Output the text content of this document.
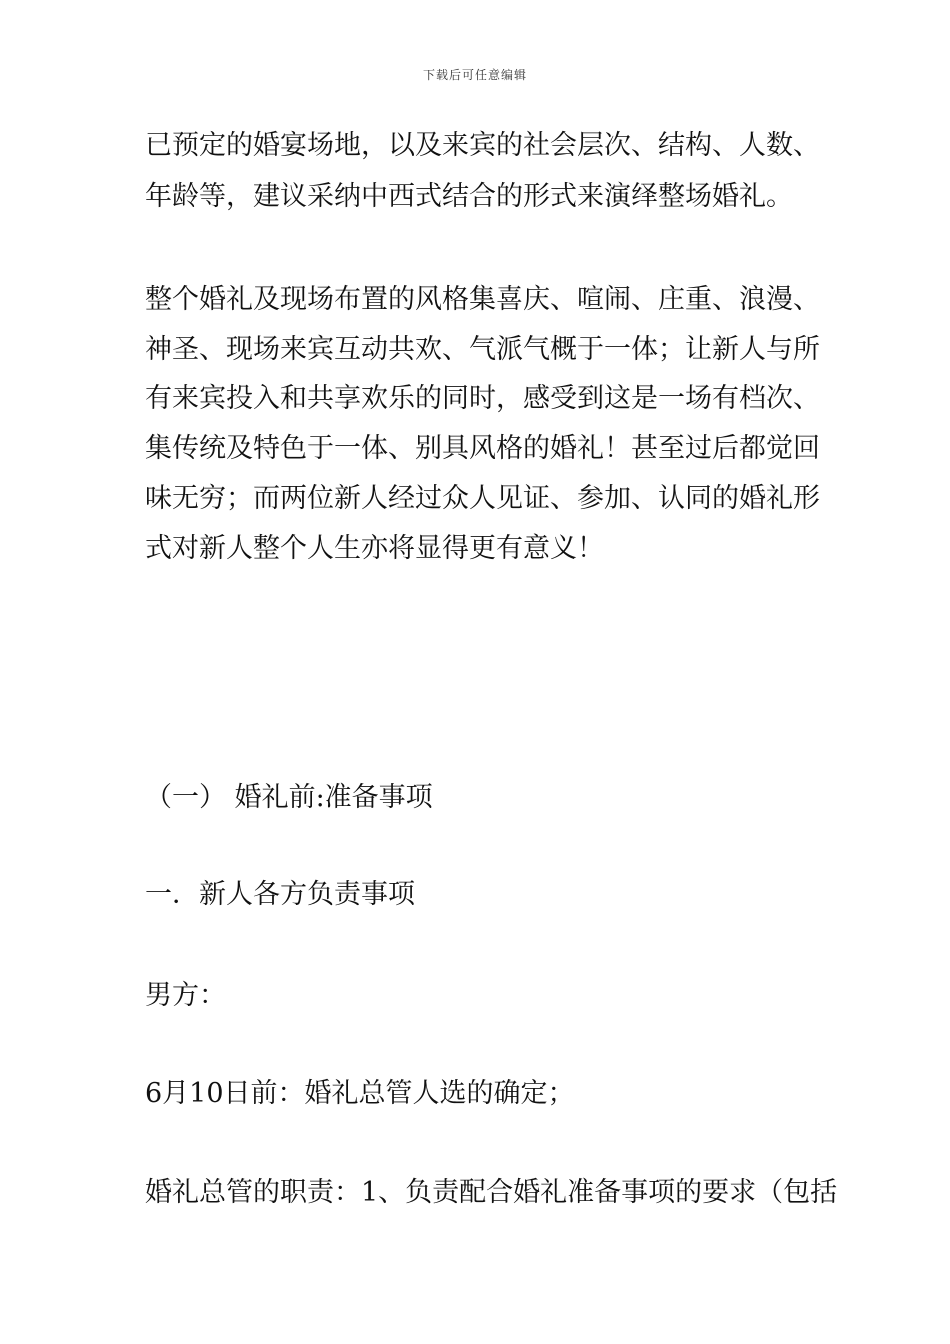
下载后可任意编辑
已预定的婚宴场地，以及来宾的社会层次、结构、人数、
年龄等，建议采纳中西式结合的形式来演绎整场婚礼。
整个婚礼及现场布置的风格集喜庆、喧闹、庄重、浪漫、
神圣、现场来宾互动共欢、气派气概于一体；让新人与所
有来宾投入和共享欢乐的同时，感受到这是一场有档次、
集传统及特色于一体、别具风格的婚礼！甚至过后都觉回
味无穷；而两位新人经过众人见证、参加、认同的婚礼形
式对新人整个人生亦将显得更有意义！
（一） 婚礼前:准备事项
一．新人各方负责事项
男方：
6月10日前：婚礼总管人选的确定；
婚礼总管的职责：1、负责配合婚礼准备事项的要求（包括
